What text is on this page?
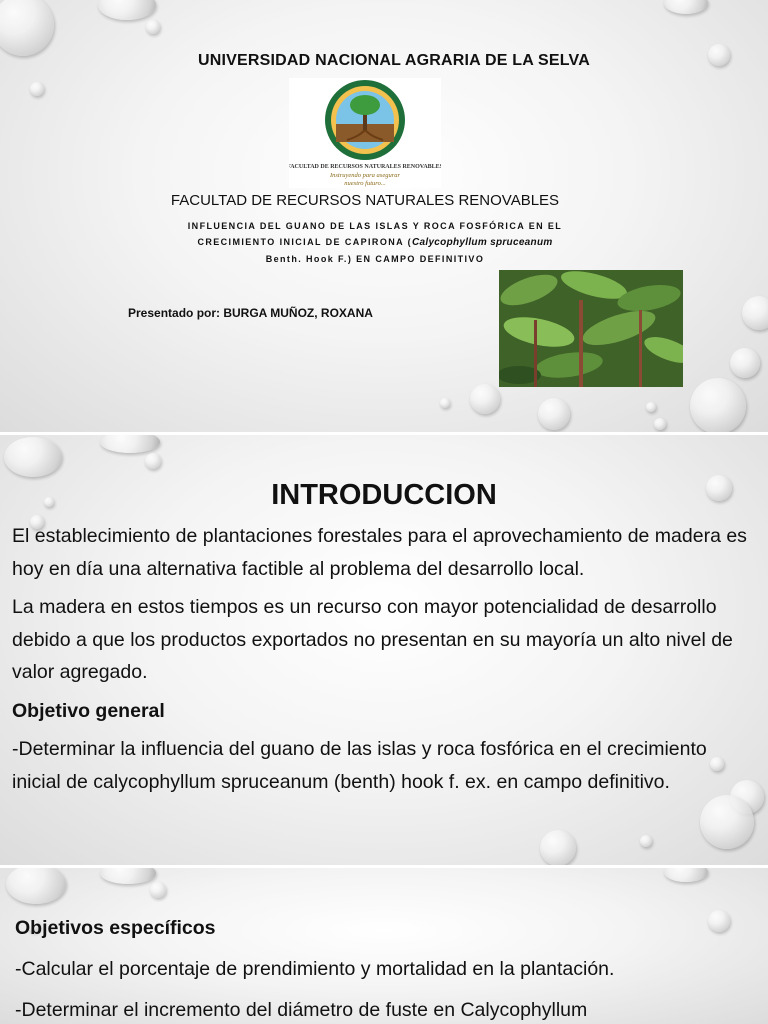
UNIVERSIDAD NACIONAL AGRARIA DE LA SELVA
FACULTAD DE RECURSOS NATURALES RENOVABLES
Instruyendo para asegurar
nuestro futuro...
FACULTAD DE RECURSOS NATURALES RENOVABLES
INFLUENCIA DEL GUANO DE LAS ISLAS Y ROCA FOSFÓRICA EN EL
CRECIMIENTO INICIAL DE CAPIRONA (Calycophyllum spruceanum
Benth. Hook F.) EN CAMPO DEFINITIVO
Presentado por: BURGA MUÑOZ, ROXANA
INTRODUCCION

El establecimiento de plantaciones forestales para el aprovechamiento de madera es hoy en día una alternativa factible al problema del desarrollo local.

La madera en estos tiempos es un recurso con mayor potencialidad de desarrollo debido a que los productos exportados no presentan en su mayoría un alto nivel de valor agregado.

Objetivo general

-Determinar la influencia del guano de las islas y roca fosfórica en el crecimiento inicial de calycophyllum spruceanum (benth) hook f. ex. en campo definitivo.

Objetivos específicos
-Calcular el porcentaje de prendimiento y mortalidad en la plantación.
-Determinar el incremento del diámetro de fuste en Calycophyllum
